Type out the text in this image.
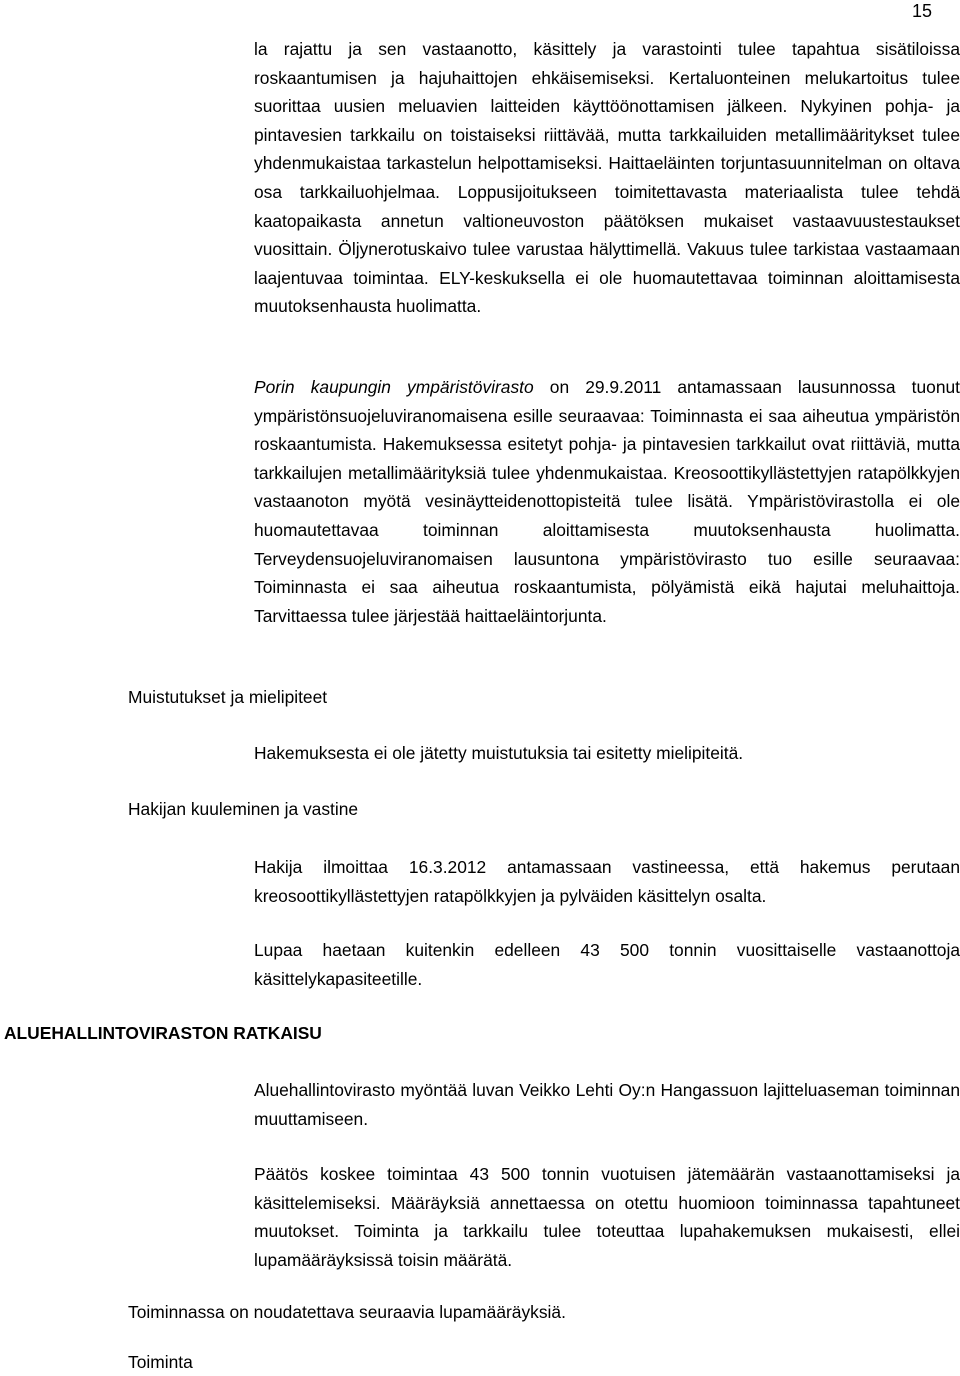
15

la rajattu ja sen vastaanotto, käsittely ja varastointi tulee tapahtua sisätiloissa roskaantumisen ja hajuhaittojen ehkäisemiseksi. Kertaluonteinen melukartoitus tulee suorittaa uusien meluavien laitteiden käyttöönottamisen jälkeen. Nykyinen pohja- ja pintavesien tarkkailu on toistaiseksi riittävää, mutta tarkkailuiden metallimääritykset tulee yhdenmukaistaa tarkastelun helpottamiseksi. Haittaeläinten torjuntasuunnitelman on oltava osa tarkkailuohjelmaa. Loppusijoitukseen toimitettavasta materiaalista tulee tehdä kaatopaikasta annetun valtioneuvoston päätöksen mukaiset vastaavuustestaukset vuosittain. Öljynerotuskaivo tulee varustaa hälyttimellä. Vakuus tulee tarkistaa vastaamaan laajentuvaa toimintaa. ELY-keskuksella ei ole huomautettavaa toiminnan aloittamisesta muutoksenhausta huolimatta.

Porin kaupungin ympäristövirasto on 29.9.2011 antamassaan lausunnossa tuonut ympäristönsuojeluviranomaisena esille seuraavaa: Toiminnasta ei saa aiheutua ympäristön roskaantumista. Hakemuksessa esitetyt pohja- ja pintavesien tarkkailut ovat riittäviä, mutta tarkkailujen metallimäärityksiä tulee yhdenmukaistaa. Kreosoottikyllästettyjen ratapölkkyjen vastaanoton myötä vesinäytteidenottopisteitä tulee lisätä. Ympäristövirastolla ei ole huomautettavaa toiminnan aloittamisesta muutoksenhausta huolimatta. Terveydensuojeluviranomaisen lausuntona ympäristövirasto tuo esille seuraavaa: Toiminnasta ei saa aiheutua roskaantumista, pölyämistä eikä hajutai meluhaittoja. Tarvittaessa tulee järjestää haittaeläintorjunta.

Muistutukset ja mielipiteet

Hakemuksesta ei ole jätetty muistutuksia tai esitetty mielipiteitä.

Hakijan kuuleminen ja vastine

Hakija ilmoittaa 16.3.2012 antamassaan vastineessa, että hakemus perutaan kreosoottikyllästettyjen ratapölkkyjen ja pylväiden käsittelyn osalta.

Lupaa haetaan kuitenkin edelleen 43 500 tonnin vuosittaiselle vastaanottoja käsittelykapasiteetille.

ALUEHALLINTOVIRASTON RATKAISU

Aluehallintovirasto myöntää luvan Veikko Lehti Oy:n Hangassuon lajitteluaseman toiminnan muuttamiseen.

Päätös koskee toimintaa 43 500 tonnin vuotuisen jätemäärän vastaanottamiseksi ja käsittelemiseksi. Määräyksiä annettaessa on otettu huomioon toiminnassa tapahtuneet muutokset. Toiminta ja tarkkailu tulee toteuttaa lupahakemuksen mukaisesti, ellei lupamääräyksissä toisin määrätä.

Toiminnassa on noudatettava seuraavia lupamääräyksiä.

Toiminta
